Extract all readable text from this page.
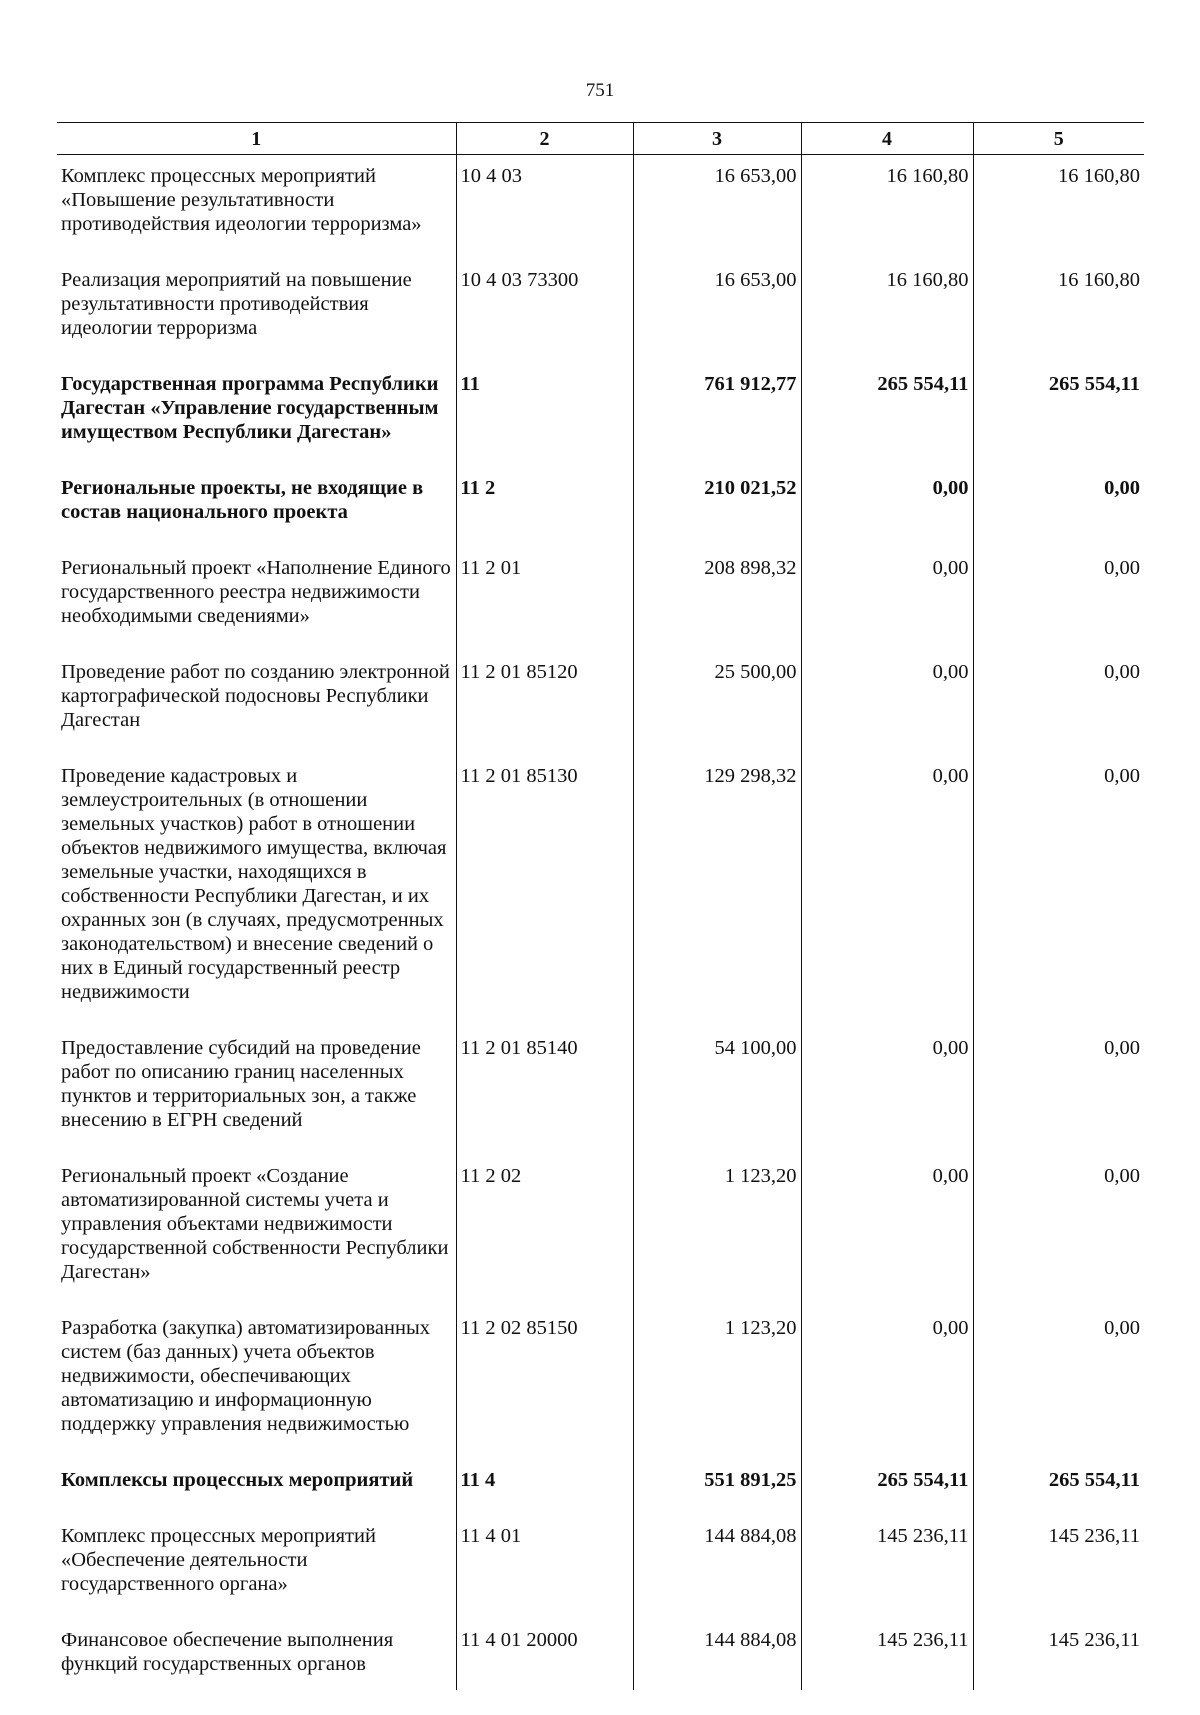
751
1	2	3	4	5
Комплекс процессных мероприятий «Повышение результативности противодействия идеологии терроризма»	10 4 03	16 653,00	16 160,80	16 160,80
Реализация мероприятий на повышение результативности противодействия идеологии терроризма	10 4 03 73300	16 653,00	16 160,80	16 160,80
Государственная программа Республики Дагестан «Управление государственным имуществом Республики Дагестан»	11	761 912,77	265 554,11	265 554,11
Региональные проекты, не входящие в состав национального проекта	11 2	210 021,52	0,00	0,00
Региональный проект «Наполнение Единого государственного реестра недвижимости необходимыми сведениями»	11 2 01	208 898,32	0,00	0,00
Проведение работ по созданию электронной картографической подосновы Республики Дагестан	11 2 01 85120	25 500,00	0,00	0,00
Проведение кадастровых и землеустроительных (в отношении земельных участков) работ в отношении объектов недвижимого имущества, включая земельные участки, находящихся в собственности Республики Дагестан, и их охранных зон (в случаях, предусмотренных законодательством) и внесение сведений о них в Единый государственный реестр недвижимости	11 2 01 85130	129 298,32	0,00	0,00
Предоставление субсидий на проведение работ по описанию границ населенных пунктов и территориальных зон, а также внесению в ЕГРН сведений	11 2 01 85140	54 100,00	0,00	0,00
Региональный проект «Создание автоматизированной системы учета и управления объектами недвижимости государственной собственности Республики Дагестан»	11 2 02	1 123,20	0,00	0,00
Разработка (закупка) автоматизированных систем (баз данных) учета объектов недвижимости, обеспечивающих автоматизацию и информационную поддержку управления недвижимостью	11 2 02 85150	1 123,20	0,00	0,00
Комплексы процессных мероприятий	11 4	551 891,25	265 554,11	265 554,11
Комплекс процессных мероприятий «Обеспечение деятельности государственного органа»	11 4 01	144 884,08	145 236,11	145 236,11
Финансовое обеспечение выполнения функций государственных органов	11 4 01 20000	144 884,08	145 236,11	145 236,11
